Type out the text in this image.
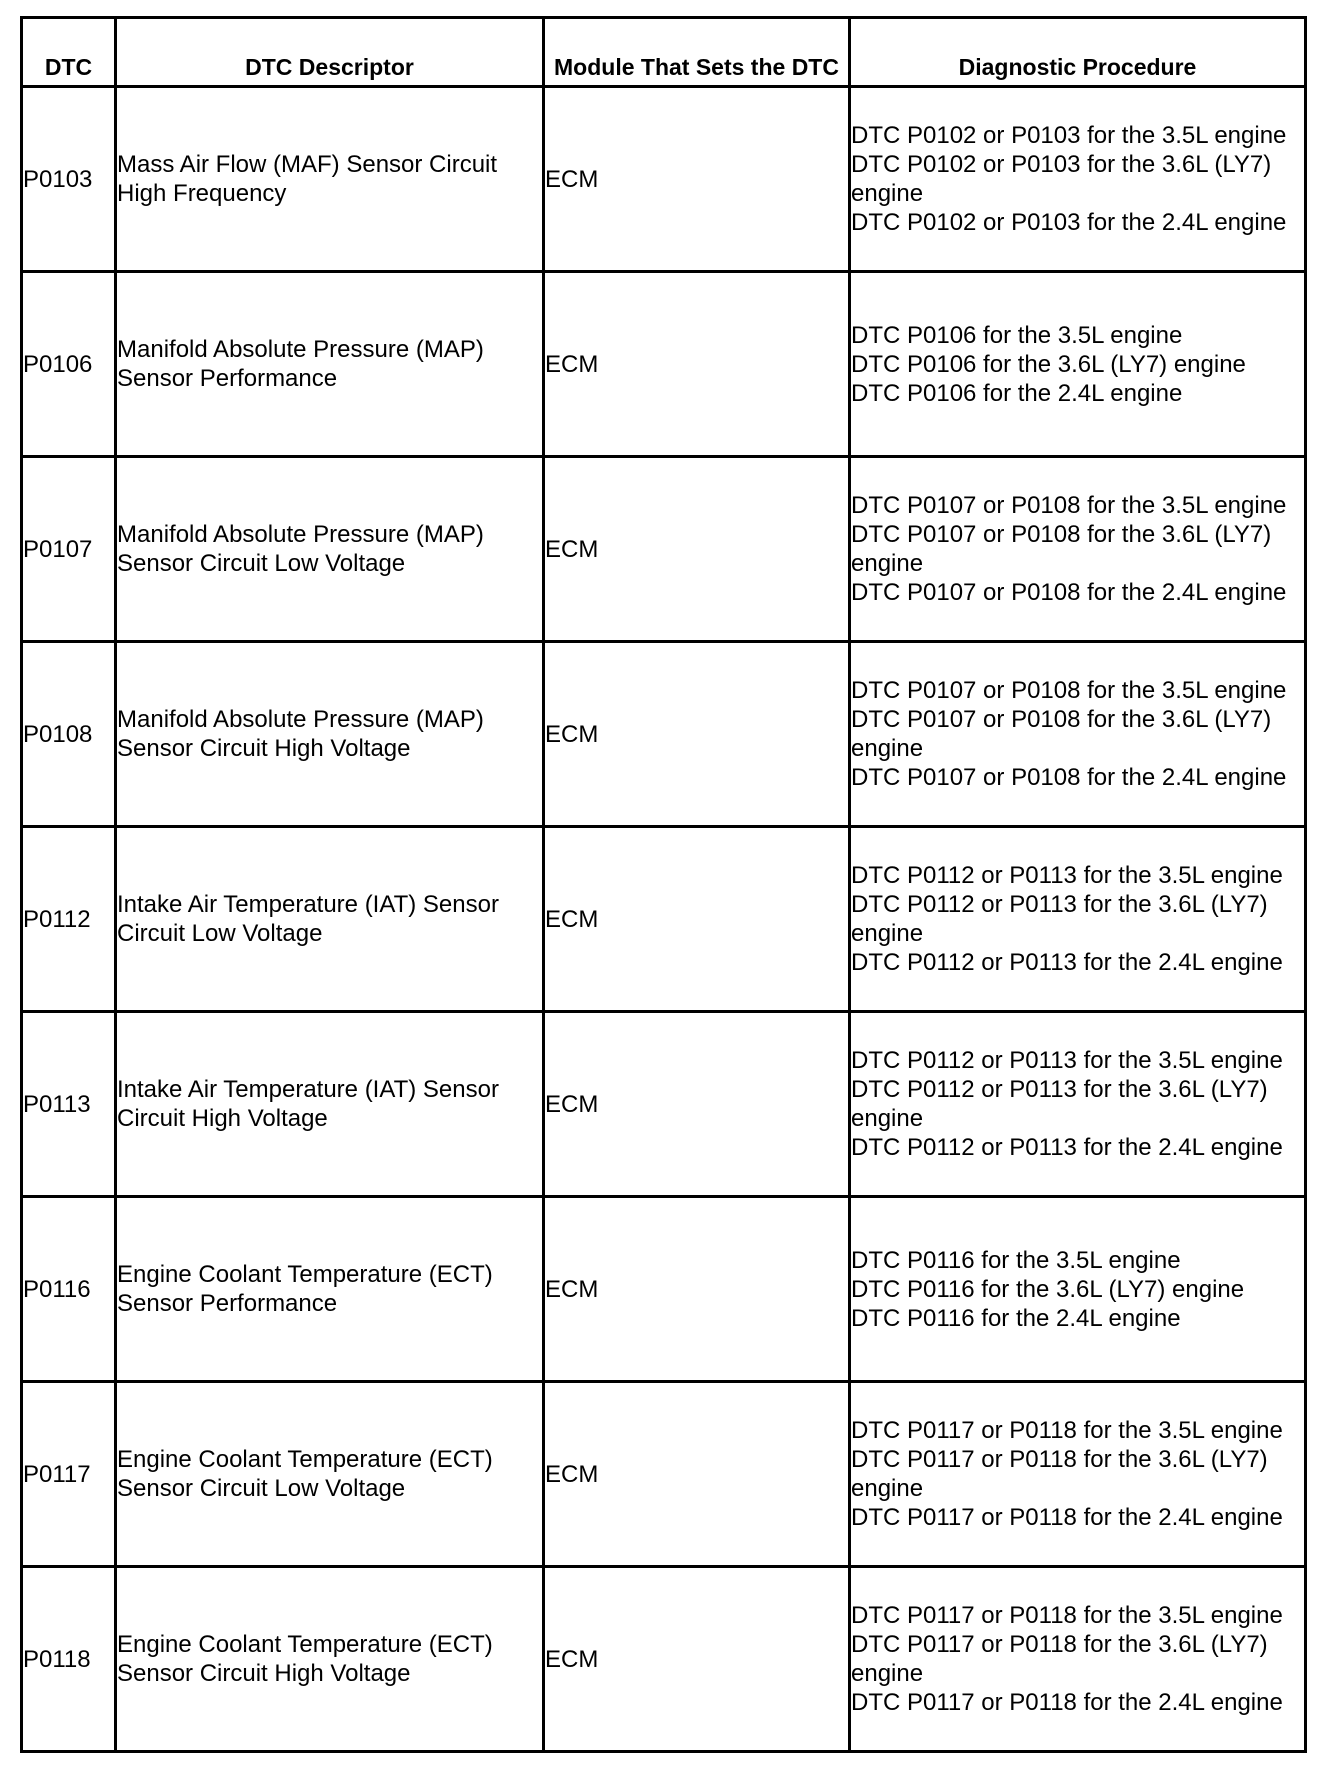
DTC	DTC Descriptor	Module That Sets the DTC	Diagnostic Procedure
P0103	Mass Air Flow (MAF) Sensor Circuit High Frequency	ECM	DTC P0102 or P0103 for the 3.5L engine
DTC P0102 or P0103 for the 3.6L (LY7) engine
DTC P0102 or P0103 for the 2.4L engine

P0106	Manifold Absolute Pressure (MAP) Sensor Performance	ECM	DTC P0106 for the 3.5L engine
DTC P0106 for the 3.6L (LY7) engine
DTC P0106 for the 2.4L engine

P0107	Manifold Absolute Pressure (MAP) Sensor Circuit Low Voltage	ECM	DTC P0107 or P0108 for the 3.5L engine
DTC P0107 or P0108 for the 3.6L (LY7) engine
DTC P0107 or P0108 for the 2.4L engine

P0108	Manifold Absolute Pressure (MAP) Sensor Circuit High Voltage	ECM	DTC P0107 or P0108 for the 3.5L engine
DTC P0107 or P0108 for the 3.6L (LY7) engine
DTC P0107 or P0108 for the 2.4L engine

P0112	Intake Air Temperature (IAT) Sensor Circuit Low Voltage	ECM	DTC P0112 or P0113 for the 3.5L engine
DTC P0112 or P0113 for the 3.6L (LY7) engine
DTC P0112 or P0113 for the 2.4L engine

P0113	Intake Air Temperature (IAT) Sensor Circuit High Voltage	ECM	DTC P0112 or P0113 for the 3.5L engine
DTC P0112 or P0113 for the 3.6L (LY7) engine
DTC P0112 or P0113 for the 2.4L engine

P0116	Engine Coolant Temperature (ECT) Sensor Performance	ECM	DTC P0116 for the 3.5L engine
DTC P0116 for the 3.6L (LY7) engine
DTC P0116 for the 2.4L engine

P0117	Engine Coolant Temperature (ECT) Sensor Circuit Low Voltage	ECM	DTC P0117 or P0118 for the 3.5L engine
DTC P0117 or P0118 for the 3.6L (LY7) engine
DTC P0117 or P0118 for the 2.4L engine

P0118	Engine Coolant Temperature (ECT) Sensor Circuit High Voltage	ECM	DTC P0117 or P0118 for the 3.5L engine
DTC P0117 or P0118 for the 3.6L (LY7) engine
DTC P0117 or P0118 for the 2.4L engine
